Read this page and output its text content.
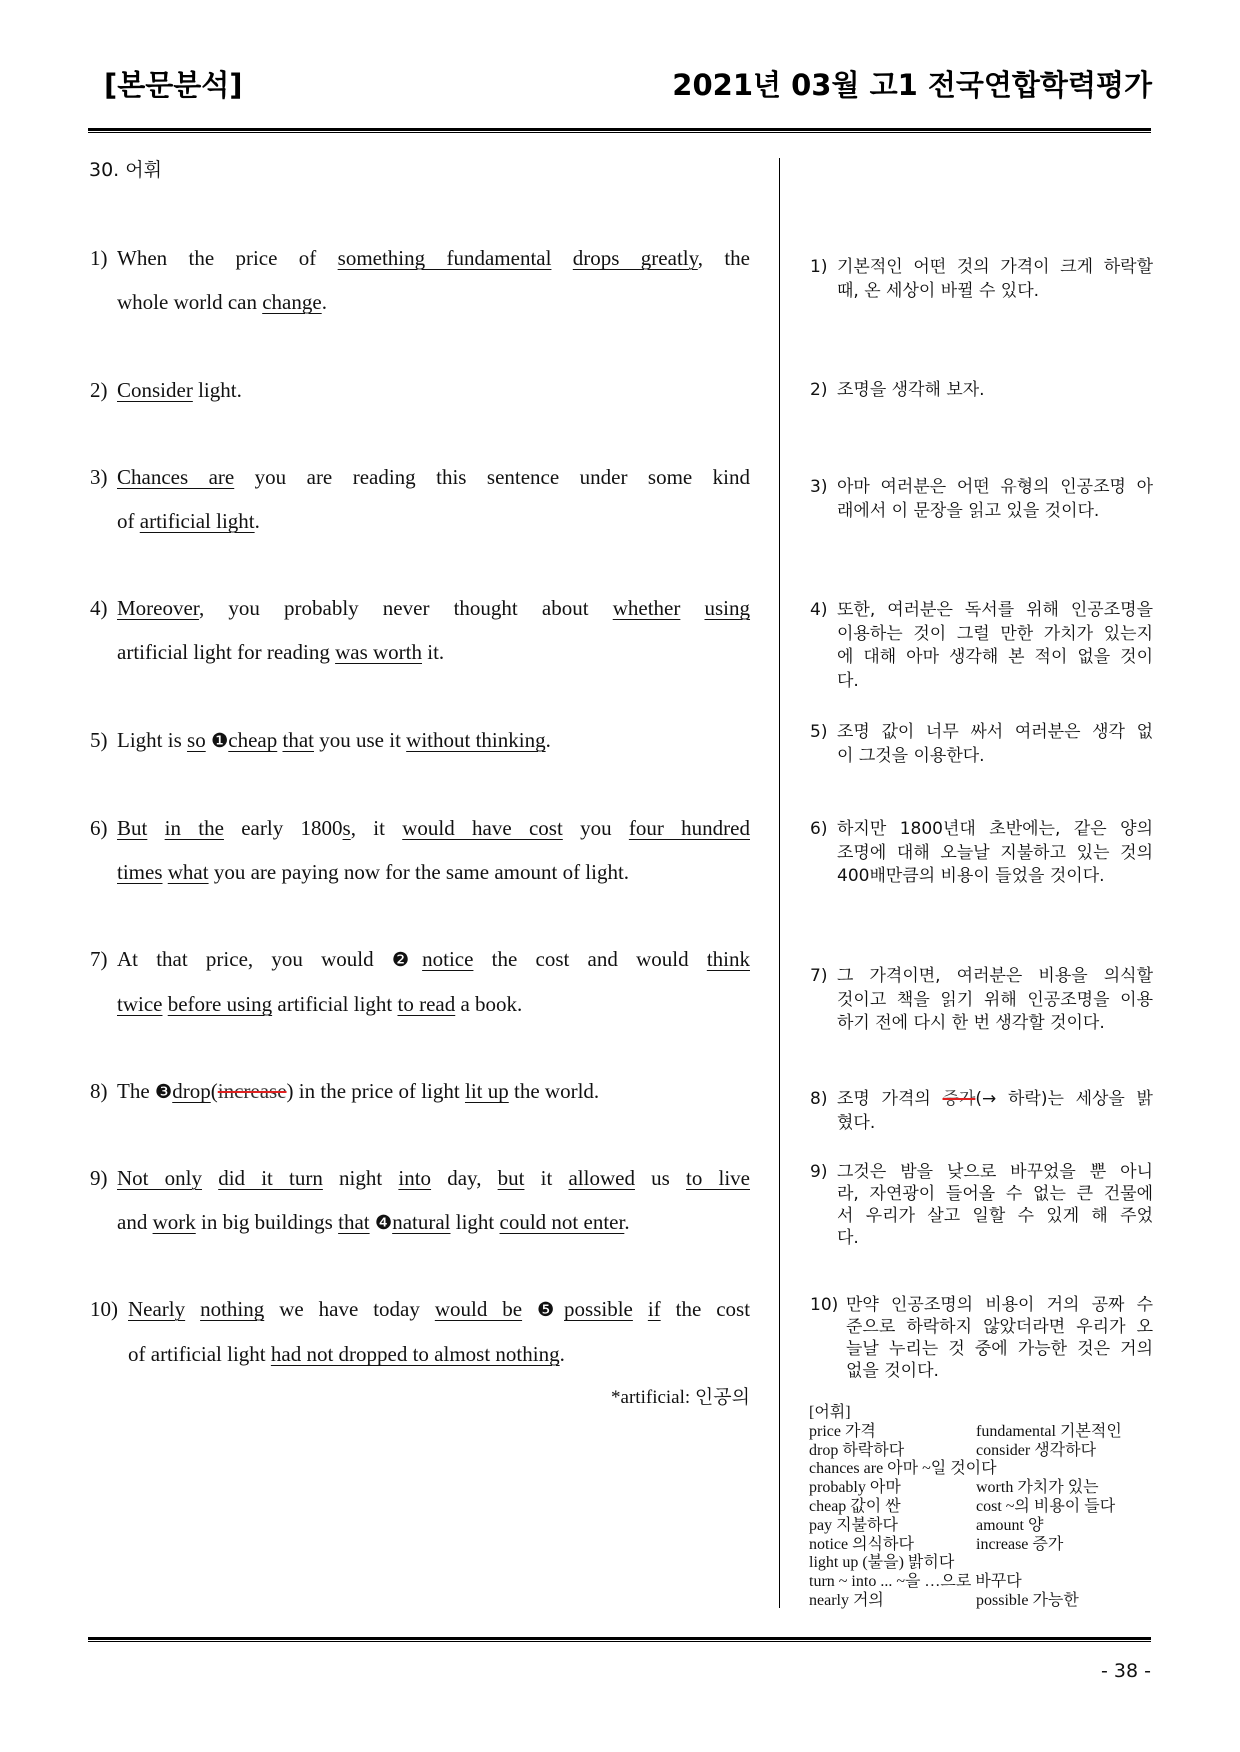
[본문분석]	2021년 03월 고1 전국연합학력평가
30. 어휘
1) When the price of something fundamental drops greatly, the
whole world can change.
2) Consider light.
3) Chances are you are reading this sentence under some kind
of artificial light.
4) Moreover, you probably never thought about whether using
artificial light for reading was worth it.
5) Light is so ❶cheap that you use it without thinking.
6) But in the early 1800s, it would have cost you four hundred
times what you are paying now for the same amount of light.
7) At that price, you would ❷notice the cost and would think
twice before using artificial light to read a book.
8) The ❸drop(increase) in the price of light lit up the world.
9) Not only did it turn night into day, but it allowed us to live
and work in big buildings that ❹natural light could not enter.
10) Nearly nothing we have today would be ❺possible if the cost
of artificial light had not dropped to almost nothing.
*artificial: 인공의
1) 기본적인 어떤 것의 가격이 크게 하락할
때, 온 세상이 바뀔 수 있다.
2) 조명을 생각해 보자.
3) 아마 여러분은 어떤 유형의 인공조명 아
래에서 이 문장을 읽고 있을 것이다.
4) 또한, 여러분은 독서를 위해 인공조명을
이용하는 것이 그럴 만한 가치가 있는지
에 대해 아마 생각해 본 적이 없을 것이
다.
5) 조명 값이 너무 싸서 여러분은 생각 없
이 그것을 이용한다.
6) 하지만 1800년대 초반에는, 같은 양의
조명에 대해 오늘날 지불하고 있는 것의
400배만큼의 비용이 들었을 것이다.
7) 그 가격이면, 여러분은 비용을 의식할
것이고 책을 읽기 위해 인공조명을 이용
하기 전에 다시 한 번 생각할 것이다.
8) 조명 가격의 증가(→ 하락)는 세상을 밝
혔다.
9) 그것은 밤을 낮으로 바꾸었을 뿐 아니
라, 자연광이 들어올 수 없는 큰 건물에
서 우리가 살고 일할 수 있게 해 주었
다.
10) 만약 인공조명의 비용이 거의 공짜 수
준으로 하락하지 않았더라면 우리가 오
늘날 누리는 것 중에 가능한 것은 거의
없을 것이다.
[어휘]
price 가격	fundamental 기본적인
drop 하락하다	consider 생각하다
chances are 아마 ~일 것이다
probably 아마	worth 가치가 있는
cheap 값이 싼	cost ~의 비용이 들다
pay 지불하다	amount 양
notice 의식하다	increase 증가
light up (불을) 밝히다
turn ~ into ... ~을 …으로 바꾸다
nearly 거의	possible 가능한
- 38 -
